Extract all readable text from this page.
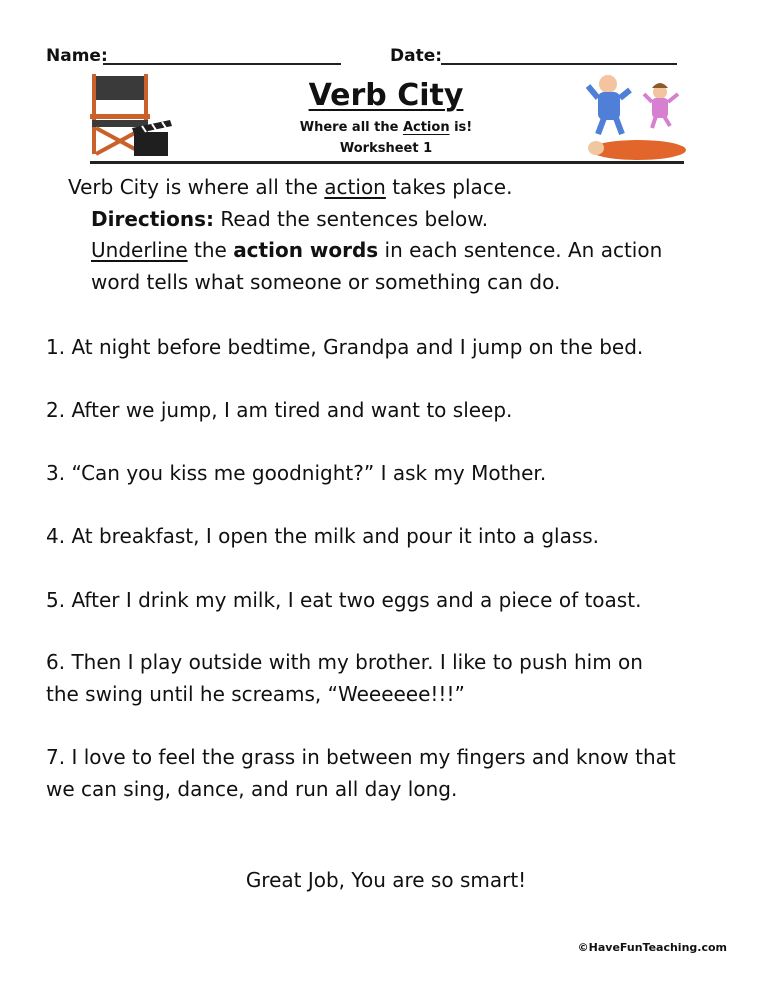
Name:	Date:
Verb City
Where all the Action is!
Worksheet 1
Verb City is where all the action takes place.
Directions: Read the sentences below.
Underline the action words in each sentence. An action
word tells what someone or something can do.
1. At night before bedtime, Grandpa and I jump on the bed.
2. After we jump, I am tired and want to sleep.
3. “Can you kiss me goodnight?” I ask my Mother.
4. At breakfast, I open the milk and pour it into a glass.
5. After I drink my milk, I eat two eggs and a piece of toast.
6. Then I play outside with my brother. I like to push him on
the swing until he screams, “Weeeeee!!!”
7. I love to feel the grass in between my fingers and know that
we can sing, dance, and run all day long.
Great Job, You are so smart!
©HaveFunTeaching.com
